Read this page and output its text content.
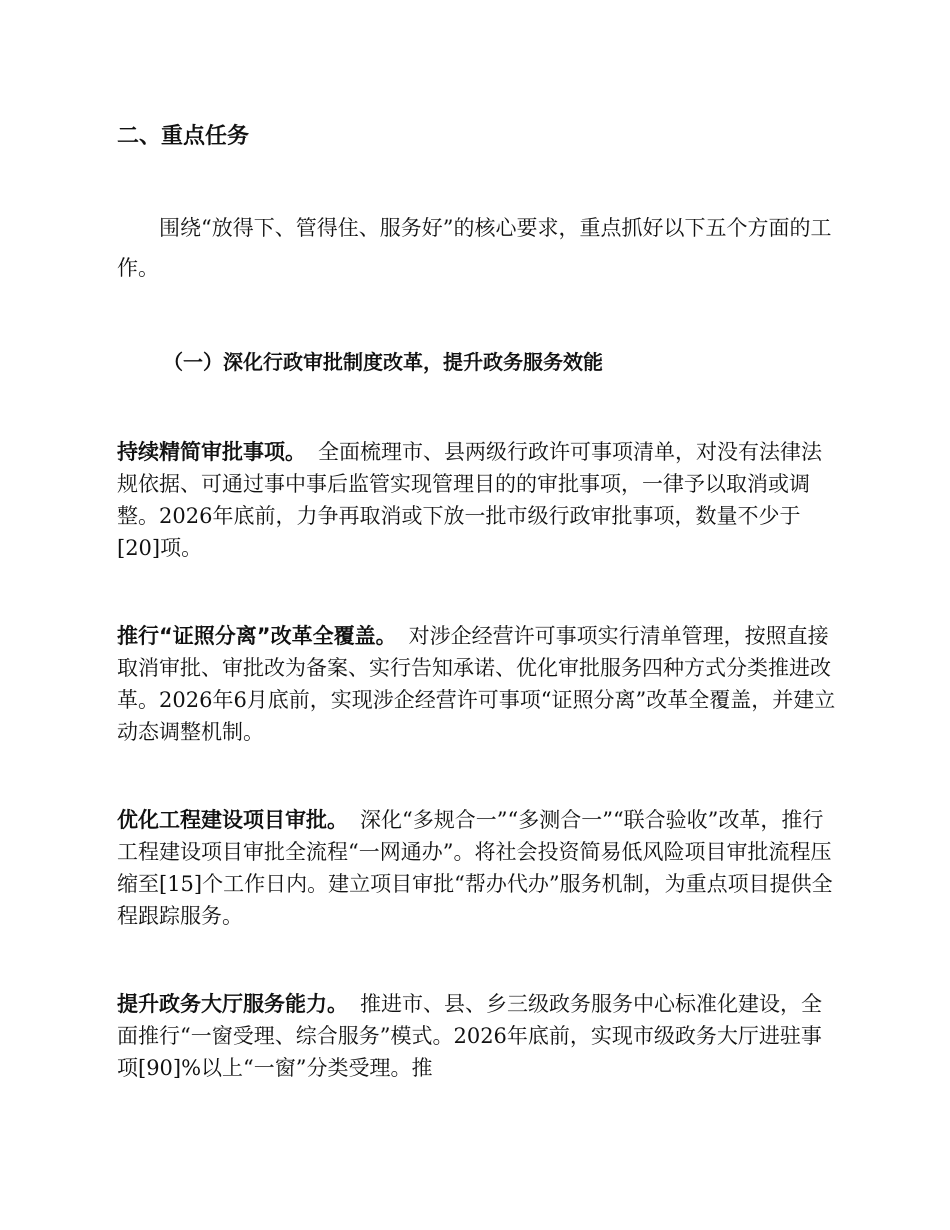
二、重点任务

围绕“放得下、管得住、服务好”的核心要求，重点抓好以下五个方面的工作。

（一）深化行政审批制度改革，提升政务服务效能

持续精简审批事项。 全面梳理市、县两级行政许可事项清单，对没有法律法规依据、可通过事中事后监管实现管理目的的审批事项，一律予以取消或调整。2026年底前，力争再取消或下放一批市级行政审批事项，数量不少于[20]项。

推行“证照分离”改革全覆盖。 对涉企经营许可事项实行清单管理，按照直接取消审批、审批改为备案、实行告知承诺、优化审批服务四种方式分类推进改革。2026年6月底前，实现涉企经营许可事项“证照分离”改革全覆盖，并建立动态调整机制。

优化工程建设项目审批。 深化“多规合一”“多测合一”“联合验收”改革，推行工程建设项目审批全流程“一网通办”。将社会投资简易低风险项目审批流程压缩至[15]个工作日内。建立项目审批“帮办代办”服务机制，为重点项目提供全程跟踪服务。

提升政务大厅服务能力。 推进市、县、乡三级政务服务中心标准化建设，全面推行“一窗受理、综合服务”模式。2026年底前，实现市级政务大厅进驻事项[90]%以上“一窗”分类受理。推
